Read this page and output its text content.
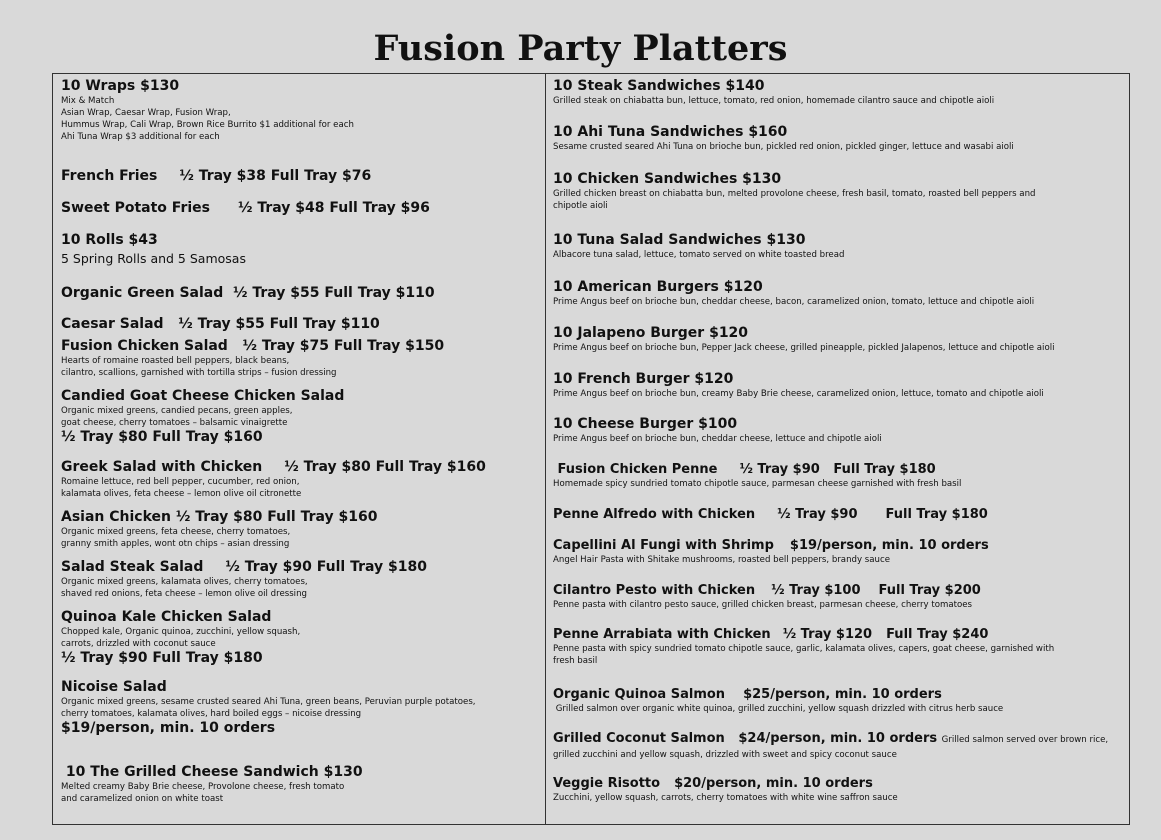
Fusion Party Platters
10 Wraps $130
Mix & Match
Asian Wrap, Caesar Wrap, Fusion Wrap,
Hummus Wrap, Cali Wrap, Brown Rice Burrito $1 additional for each
Ahi Tuna Wrap $3 additional for each
French Fries ½ Tray $38 Full Tray $76
Sweet Potato Fries ½ Tray $48 Full Tray $96
10 Rolls $43
5 Spring Rolls and 5 Samosas
Organic Green Salad ½ Tray $55 Full Tray $110
Caesar Salad ½ Tray $55 Full Tray $110
Fusion Chicken Salad ½ Tray $75 Full Tray $150
Hearts of romaine roasted bell peppers, black beans,
cilantro, scallions, garnished with tortilla strips – fusion dressing
Candied Goat Cheese Chicken Salad
Organic mixed greens, candied pecans, green apples,
goat cheese, cherry tomatoes – balsamic vinaigrette
½ Tray $80 Full Tray $160
Greek Salad with Chicken ½ Tray $80 Full Tray $160
Romaine lettuce, red bell pepper, cucumber, red onion,
kalamata olives, feta cheese – lemon olive oil citronette
Asian Chicken ½ Tray $80 Full Tray $160
Organic mixed greens, feta cheese, cherry tomatoes,
granny smith apples, wont otn chips – asian dressing
Salad Steak Salad ½ Tray $90 Full Tray $180
Organic mixed greens, kalamata olives, cherry tomatoes,
shaved red onions, feta cheese – lemon olive oil dressing
Quinoa Kale Chicken Salad
Chopped kale, Organic quinoa, zucchini, yellow squash,
carrots, drizzled with coconut sauce
½ Tray $90 Full Tray $180
Nicoise Salad
Organic mixed greens, sesame crusted seared Ahi Tuna, green beans, Peruvian purple potatoes,
cherry tomatoes, kalamata olives, hard boiled eggs – nicoise dressing
$19/person, min. 10 orders
10 The Grilled Cheese Sandwich $130
Melted creamy Baby Brie cheese, Provolone cheese, fresh tomato
and caramelized onion on white toast
10 Steak Sandwiches $140
Grilled steak on chiabatta bun, lettuce, tomato, red onion, homemade cilantro sauce and chipotle aioli
10 Ahi Tuna Sandwiches $160
Sesame crusted seared Ahi Tuna on brioche bun, pickled red onion, pickled ginger, lettuce and wasabi aioli
10 Chicken Sandwiches $130
Grilled chicken breast on chiabatta bun, melted provolone cheese, fresh basil, tomato, roasted bell peppers and
chipotle aioli
10 Tuna Salad Sandwiches $130
Albacore tuna salad, lettuce, tomato served on white toasted bread
10 American Burgers $120
Prime Angus beef on brioche bun, cheddar cheese, bacon, caramelized onion, tomato, lettuce and chipotle aioli
10 Jalapeno Burger $120
Prime Angus beef on brioche bun, Pepper Jack cheese, grilled pineapple, pickled Jalapenos, lettuce and chipotle aioli
10 French Burger $120
Prime Angus beef on brioche bun, creamy Baby Brie cheese, caramelized onion, lettuce, tomato and chipotle aioli
10 Cheese Burger $100
Prime Angus beef on brioche bun, cheddar cheese, lettuce and chipotle aioli
Fusion Chicken Penne ½ Tray $90 Full Tray $180
Homemade spicy sundried tomato chipotle sauce, parmesan cheese garnished with fresh basil
Penne Alfredo with Chicken ½ Tray $90 Full Tray $180
Capellini Al Fungi with Shrimp $19/person, min. 10 orders
Angel Hair Pasta with Shitake mushrooms, roasted bell peppers, brandy sauce
Cilantro Pesto with Chicken ½ Tray $100 Full Tray $200
Penne pasta with cilantro pesto sauce, grilled chicken breast, parmesan cheese, cherry tomatoes
Penne Arrabiata with Chicken ½ Tray $120 Full Tray $240
Penne pasta with spicy sundried tomato chipotle sauce, garlic, kalamata olives, capers, goat cheese, garnished with
fresh basil
Organic Quinoa Salmon $25/person, min. 10 orders
Grilled salmon over organic white quinoa, grilled zucchini, yellow squash drizzled with citrus herb sauce
Grilled Coconut Salmon $24/person, min. 10 orders Grilled salmon served over brown rice,
grilled zucchini and yellow squash, drizzled with sweet and spicy coconut sauce
Veggie Risotto $20/person, min. 10 orders
Zucchini, yellow squash, carrots, cherry tomatoes with white wine saffron sauce
